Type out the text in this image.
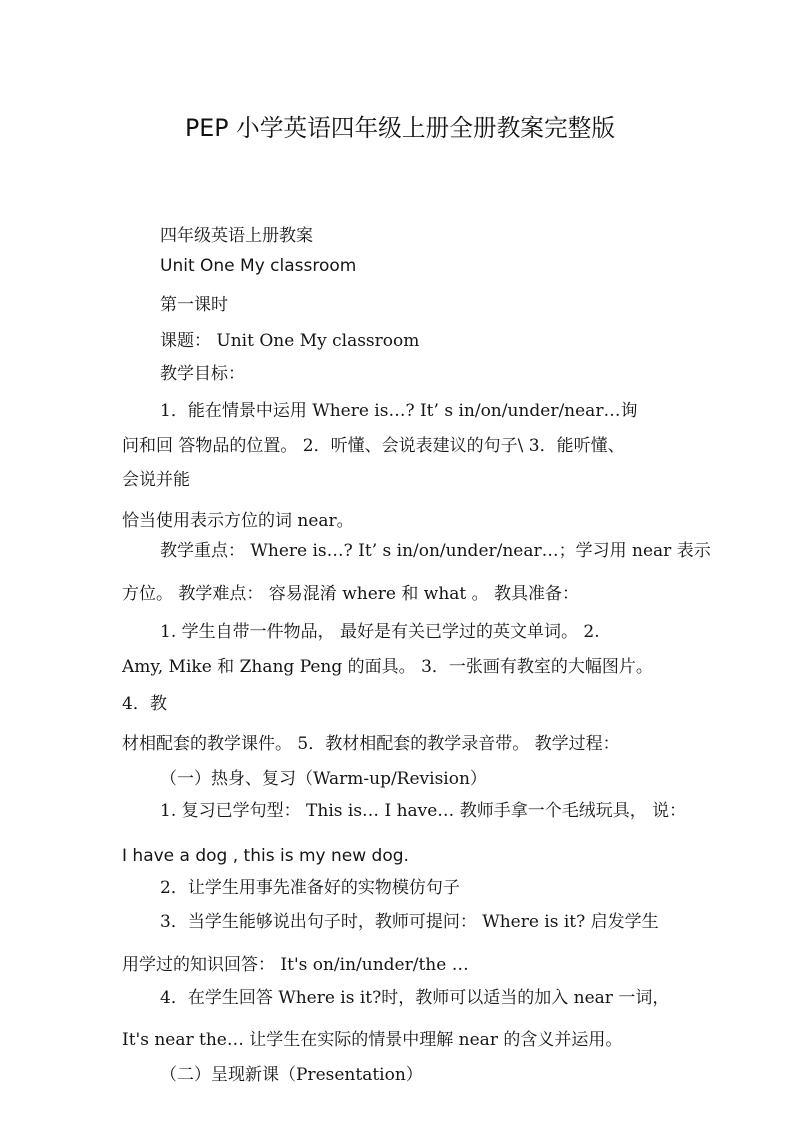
PEP 小学英语四年级上册全册教案完整版
四年级英语上册教案
Unit One My classroom
第一课时
课题： Unit One My classroom
教学目标：
1．能在情景中运用 Where is…? It’ s in/on/under/near…询
问和回 答物品的位置。 2．听懂、会说表建议的句子\ 3．能听懂、
会说并能
恰当使用表示方位的词 near。
教学重点： Where is…? It’ s in/on/under/near…；学习用 near 表示
方位。 教学难点： 容易混淆 where 和 what 。 教具准备：
1. 学生自带一件物品， 最好是有关已学过的英文单词。 2.
Amy, Mike 和 Zhang Peng 的面具。 3．一张画有教室的大幅图片。
4．教
材相配套的教学课件。 5．教材相配套的教学录音带。 教学过程：
（一）热身、复习（Warm-up/Revision）
1. 复习已学句型： This is… I have… 教师手拿一个毛绒玩具， 说：
I have a dog , this is my new dog.
2．让学生用事先准备好的实物模仿句子
3．当学生能够说出句子时，教师可提问： Where is it? 启发学生
用学过的知识回答： It's on/in/under/the …
4．在学生回答 Where is it?时，教师可以适当的加入 near 一词，
It's near the… 让学生在实际的情景中理解 near 的含义并运用。
（二）呈现新课（Presentation）
